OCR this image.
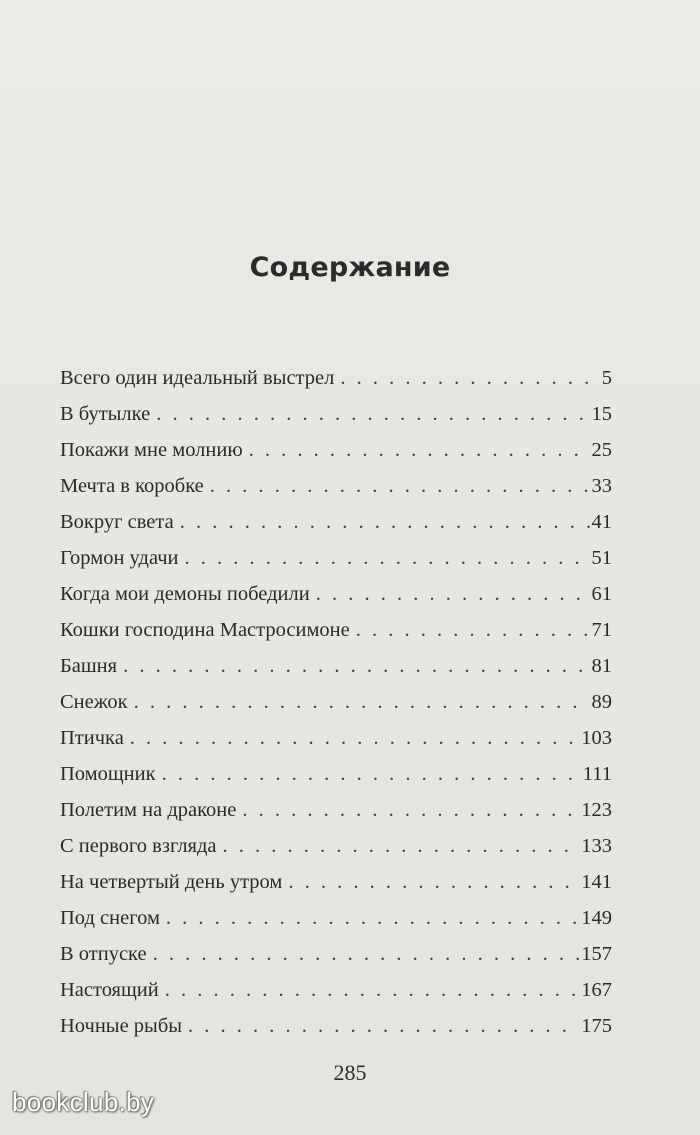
Содержание
Всего один идеальный выстрел . . .	5
В бутылке . . .	15
Покажи мне молнию . . .	25
Мечта в коробке . . .	33
Вокруг света . . .	41
Гормон удачи . . .	51
Когда мои демоны победили . . .	61
Кошки господина Мастросимоне . . .	71
Башня . . .	81
Снежок . . .	89
Птичка . . .	103
Помощник . . .	111
Полетим на драконе . . .	123
С первого взгляда . . .	133
На четвертый день утром . . .	141
Под снегом . . .	149
В отпуске . . .	157
Настоящий . . .	167
Ночные рыбы . . .	175
285
bookclub.by
